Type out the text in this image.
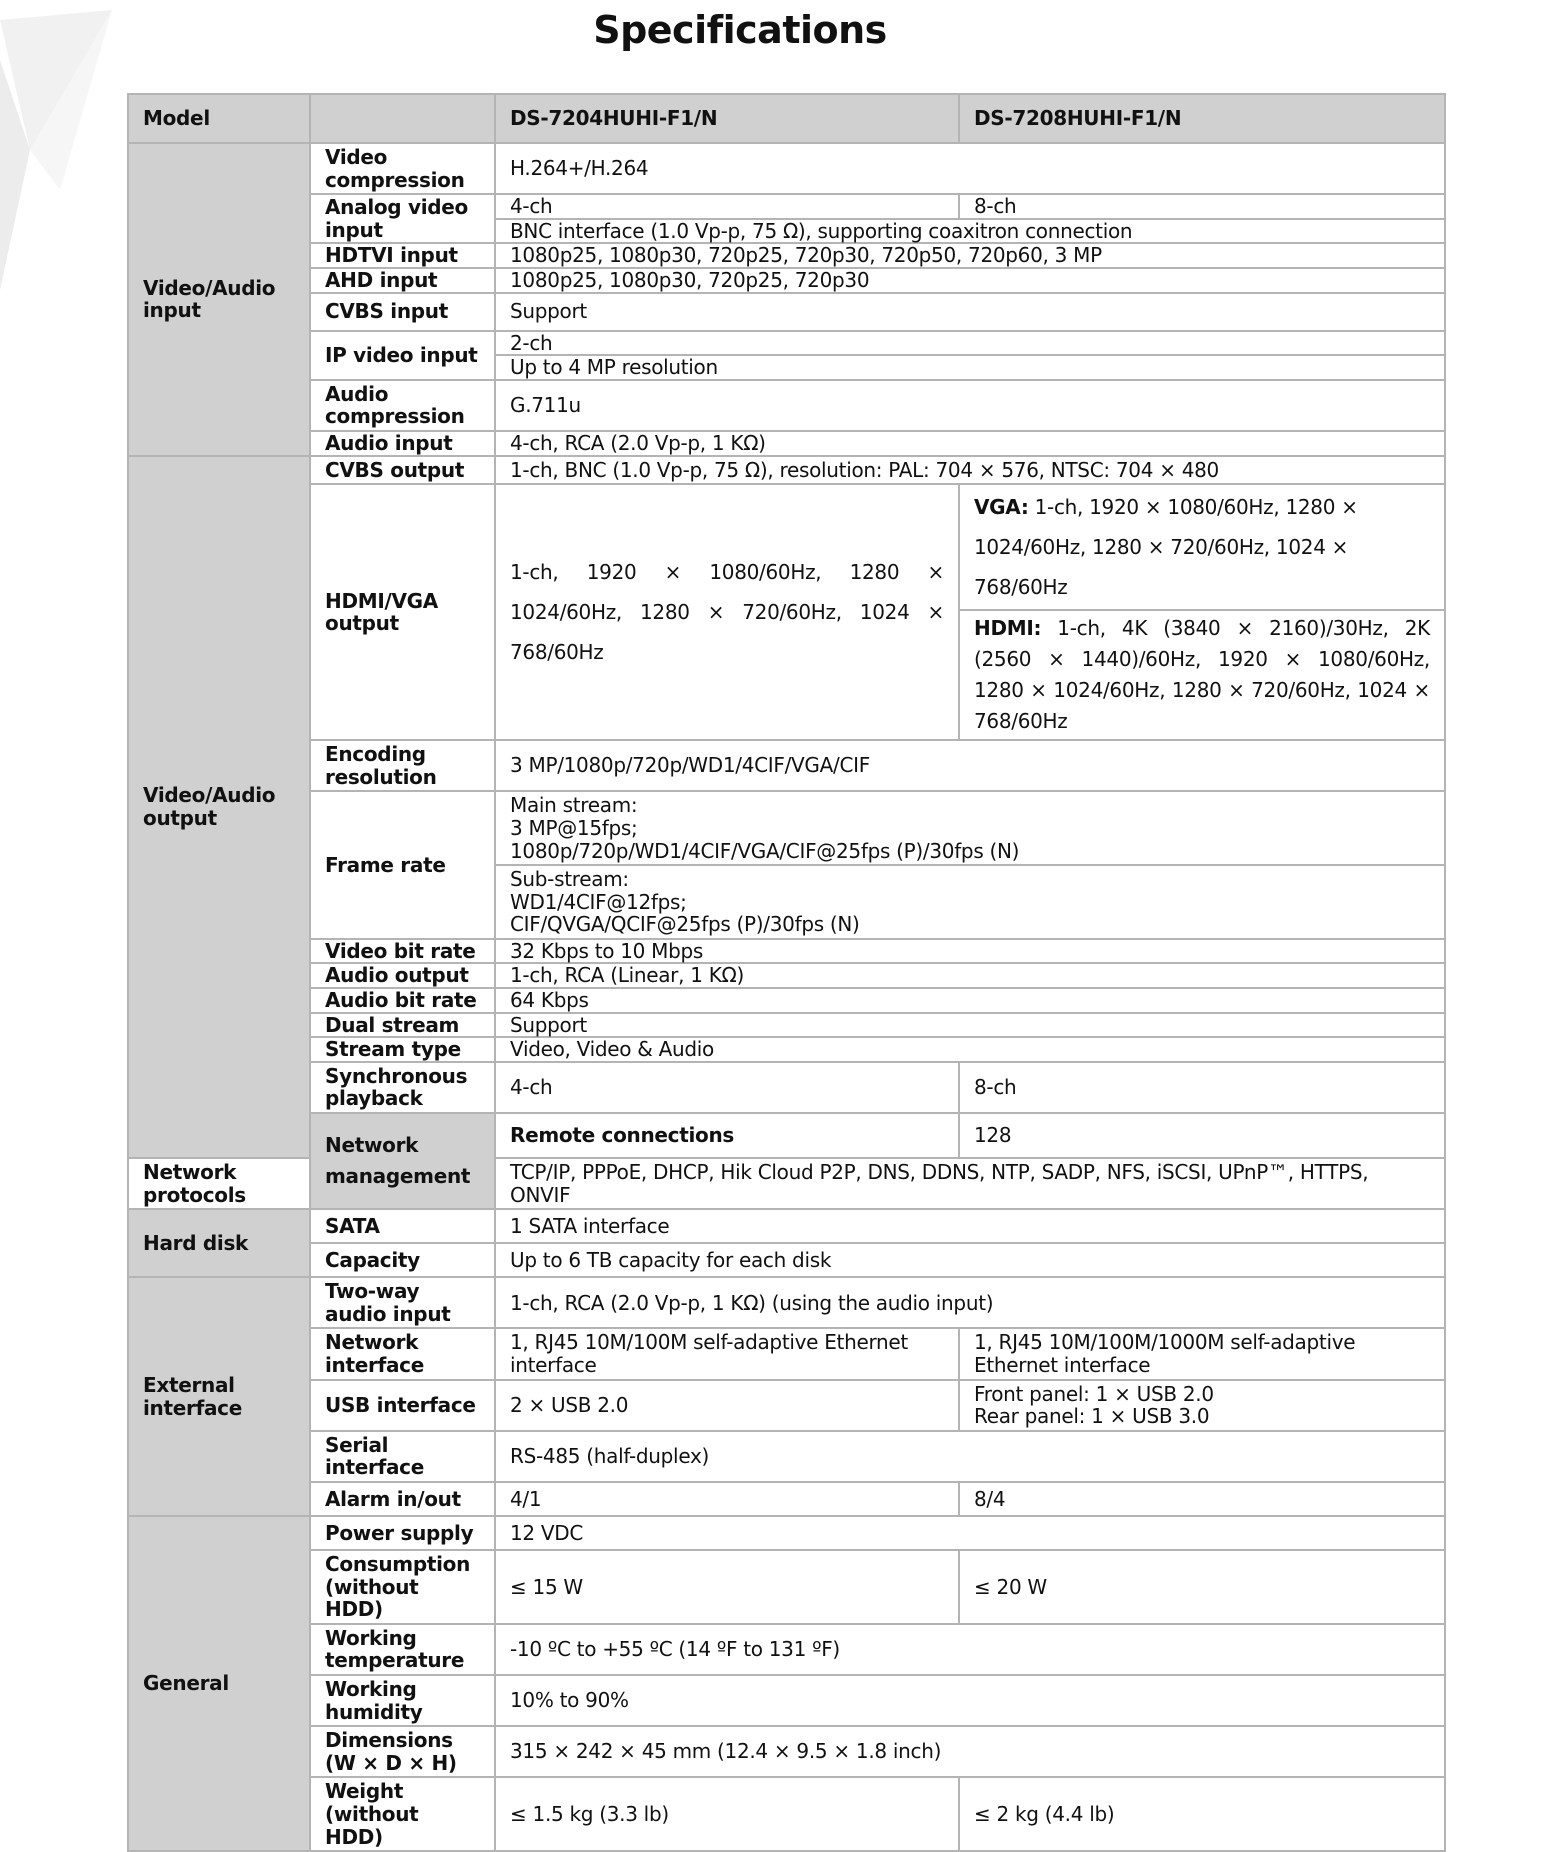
Specifications
Model		DS-7204HUHI-F1/N	DS-7208HUHI-F1/N
Video/Audio input	Video compression	H.264+/H.264	
	Analog video input	4-ch	8-ch
		BNC interface (1.0 Vp-p, 75 Ω), supporting coaxitron connection	
	HDTVI input	1080p25, 1080p30, 720p25, 720p30, 720p50, 720p60, 3 MP	
	AHD input	1080p25, 1080p30, 720p25, 720p30	
	CVBS input	Support	
	IP video input	2-ch	
		Up to 4 MP resolution	
	Audio compression	G.711u	
	Audio input	4-ch, RCA (2.0 Vp-p, 1 KΩ)	
Video/Audio output	CVBS output	1-ch, BNC (1.0 Vp-p, 75 Ω), resolution: PAL: 704 × 576, NTSC: 704 × 480	
	HDMI/VGA output	1-ch, 1920 × 1080/60Hz, 1280 × 1024/60Hz, 1280 × 720/60Hz, 1024 × 768/60Hz	VGA: 1-ch, 1920 × 1080/60Hz, 1280 × 1024/60Hz, 1280 × 720/60Hz, 1024 × 768/60Hz
			HDMI: 1-ch, 4K (3840 × 2160)/30Hz, 2K (2560 × 1440)/60Hz, 1920 × 1080/60Hz, 1280 × 1024/60Hz, 1280 × 720/60Hz, 1024 × 768/60Hz
	Encoding resolution	3 MP/1080p/720p/WD1/4CIF/VGA/CIF	
	Frame rate	Main stream:
3 MP@15fps;
1080p/720p/WD1/4CIF/VGA/CIF@25fps (P)/30fps (N)	

		Sub-stream:
WD1/4CIF@12fps;
CIF/QVGA/QCIF@25fps (P)/30fps (N)	

	Video bit rate	32 Kbps to 10 Mbps	
	Audio output	1-ch, RCA (Linear, 1 KΩ)	
	Audio bit rate	64 Kbps	
	Dual stream	Support	
	Stream type	Video, Video & Audio	
	Synchronous playback	4-ch	8-ch
	Network management	Remote connections	128
Network protocols		TCP/IP, PPPoE, DHCP, Hik Cloud P2P, DNS, DDNS, NTP, SADP, NFS, iSCSI, UPnP™, HTTPS, ONVIF	
Hard disk	SATA	1 SATA interface	
	Capacity	Up to 6 TB capacity for each disk	
External interface	Two-way audio input	1-ch, RCA (2.0 Vp-p, 1 KΩ) (using the audio input)	
	Network interface	1, RJ45 10M/100M self-adaptive Ethernet interface	1, RJ45 10M/100M/1000M self-adaptive Ethernet interface
	USB interface	2 × USB 2.0	Front panel: 1 × USB 2.0
Rear panel: 1 × USB 3.0

	Serial interface	RS-485 (half-duplex)	
	Alarm in/out	4/1	8/4
General	Power supply	12 VDC	
	Consumption (without HDD)	≤ 15 W	≤ 20 W
	Working temperature	-10 ºC to +55 ºC (14 ºF to 131 ºF)	
	Working humidity	10% to 90%	
	Dimensions (W × D × H)	315 × 242 × 45 mm (12.4 × 9.5 × 1.8 inch)	
	Weight (without HDD)	≤ 1.5 kg (3.3 lb)	≤ 2 kg (4.4 lb)
